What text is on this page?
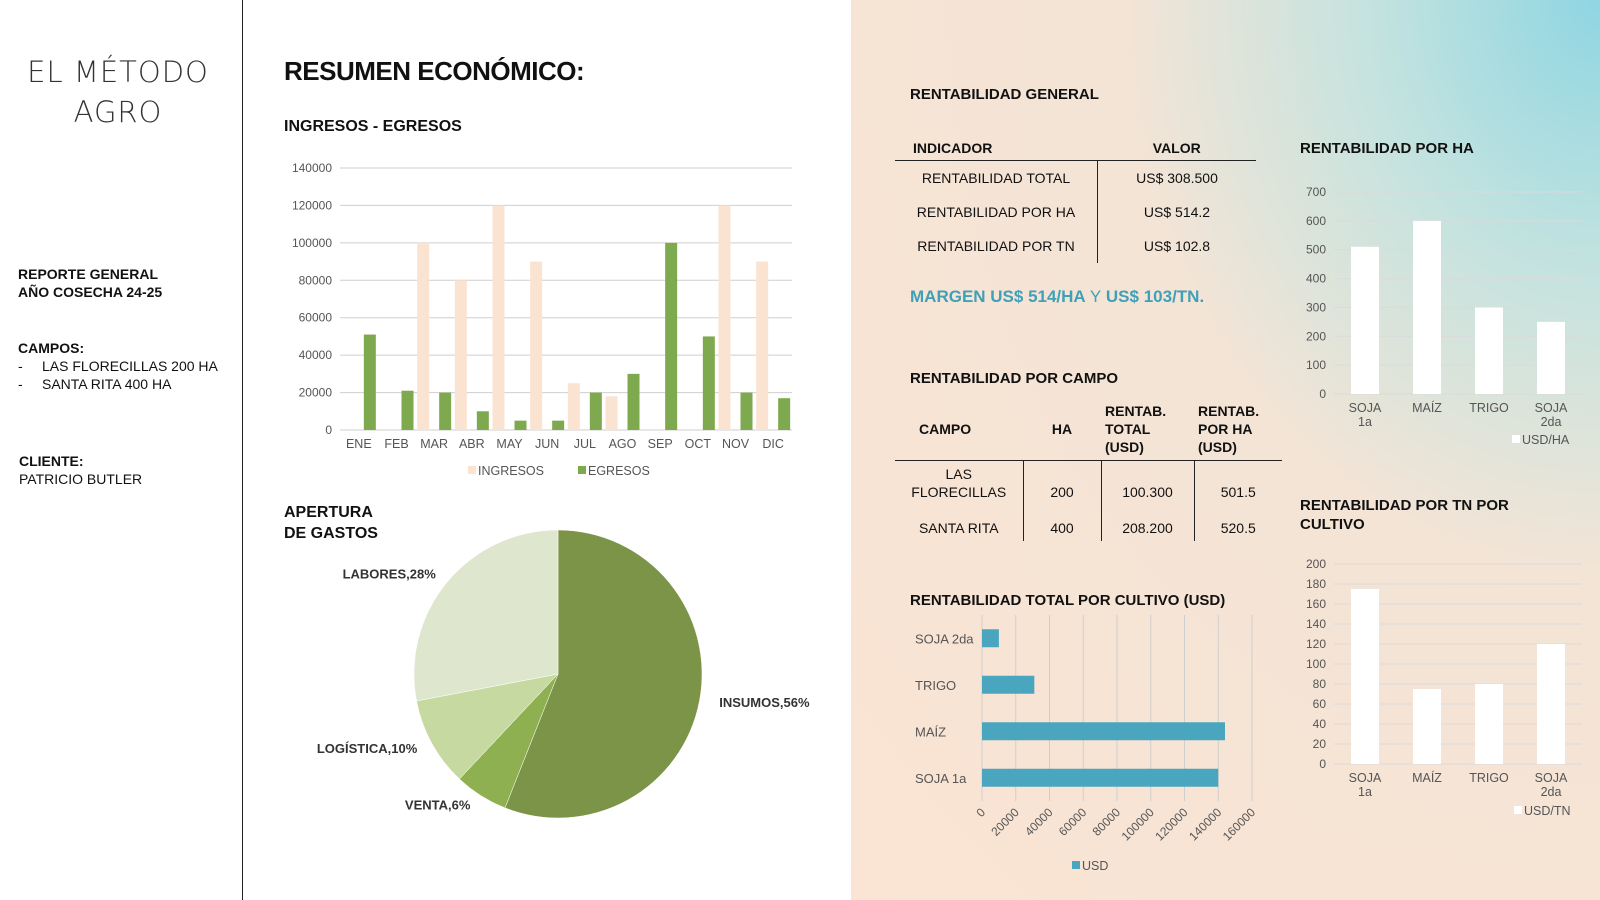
EL MÉTODO
AGRO
REPORTE GENERAL
AÑO COSECHA 24-25
CAMPOS:
- LAS FLORECILLAS 200 HA
- SANTA RITA 400 HA
CLIENTE:
PATRICIO BUTLER
RESUMEN ECONÓMICO:
INGRESOS - EGRESOS
0
20000
40000
60000
80000
100000
120000
140000
ENE FEB MAR ABR MAY JUN JUL AGO SEP OCT NOV DIC
INGRESOS	EGRESOS
APERTURA
DE GASTOS
INSUMOS,56%
VENTA,6%
LOGÍSTICA,10%
LABORES,28%
RENTABILIDAD GENERAL
INDICADOR	VALOR
RENTABILIDAD TOTAL	US$ 308.500
RENTABILIDAD POR HA	US$ 514.2
RENTABILIDAD POR TN	US$ 102.8
MARGEN US$ 514/HA Y US$ 103/TN.
RENTABILIDAD POR CAMPO
CAMPO	HA	RENTAB. TOTAL (USD)	RENTAB. POR HA (USD)
LAS FLORECILLAS	200	100.300	501.5
SANTA RITA	400	208.200	520.5
RENTABILIDAD TOTAL POR CULTIVO (USD)
0 20000 40000 60000 80000
100000
120000
140000
160000
SOJA 2da
TRIGO
MAÍZ
SOJA 1a
USD
RENTABILIDAD POR HA
0
100
200
300
400
500
600
700
SOJA
1a
MAÍZ TRIGO SOJA
2da
USD/HA
RENTABILIDAD POR TN POR CULTIVO
0
20
40
60
80
100
120
140
160
180
200
SOJA
1a
MAÍZ TRIGO SOJA
2da
USD/TN
